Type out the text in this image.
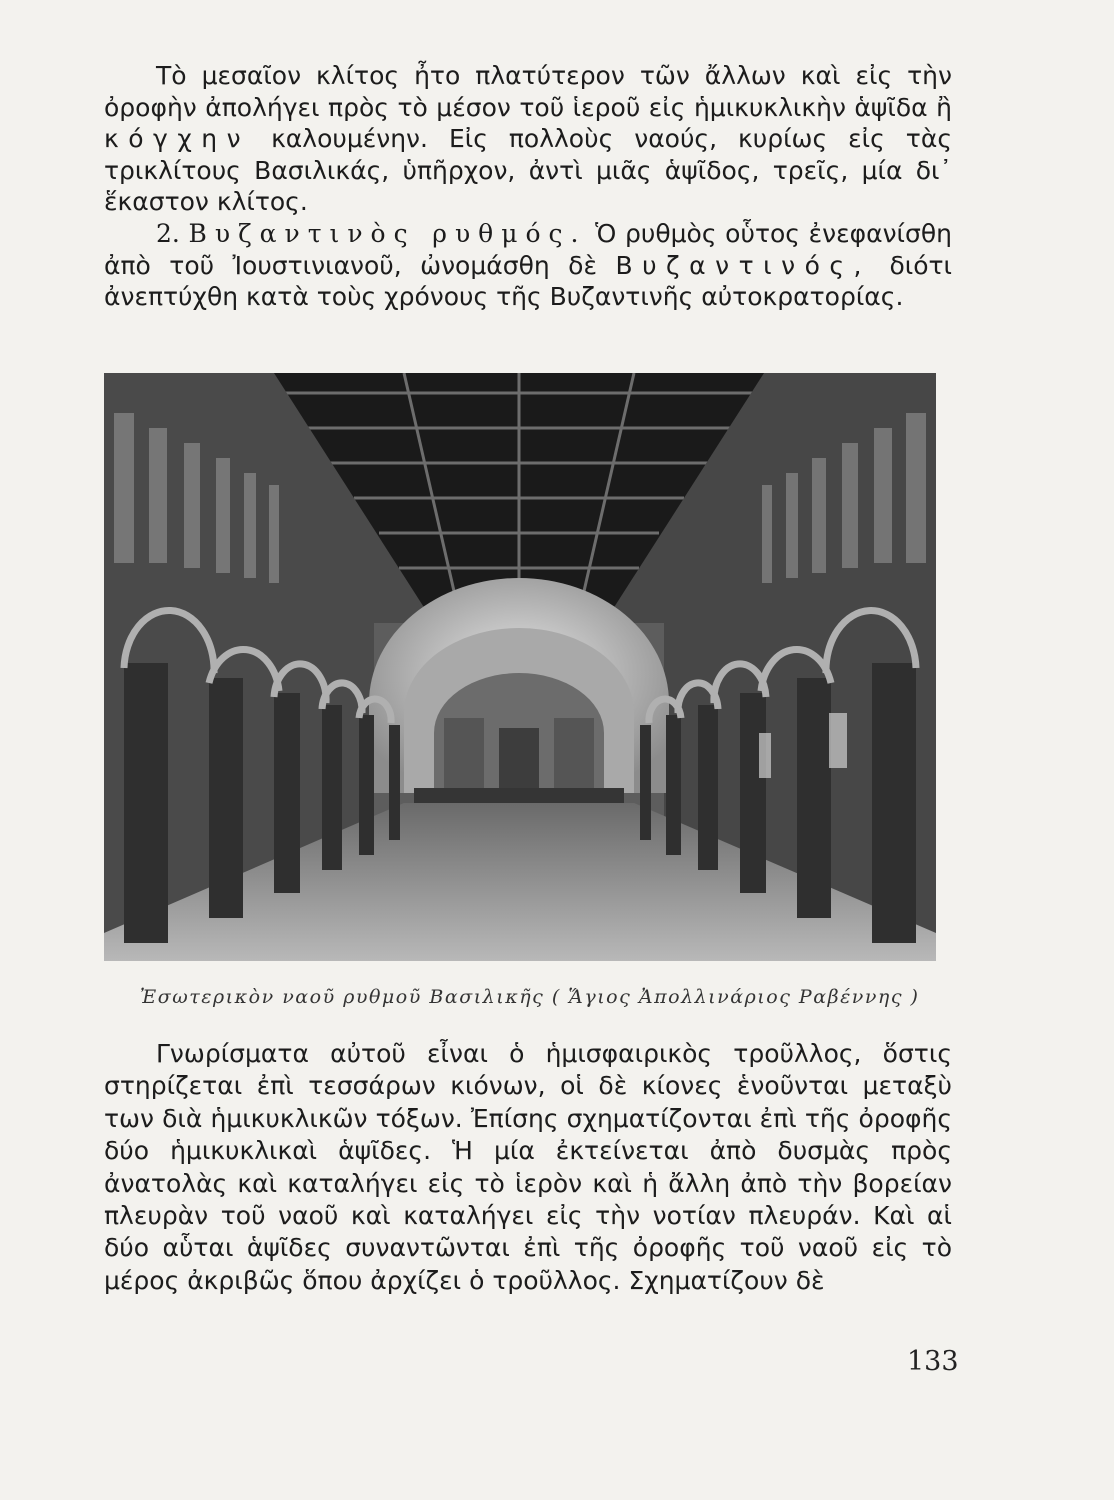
Τὸ μεσαῖον κλίτος ἦτο πλατύτερον τῶν ἄλλων καὶ εἰς τὴν ὀροφὴν ἀπολήγει πρὸς τὸ μέσον τοῦ ἱεροῦ εἰς ἡμικυκλικὴν ἁψῖδα ἢ κόγχην καλουμένην. Εἰς πολλοὺς ναούς, κυρίως εἰς τὰς τρικλίτους Βασιλικάς, ὑπῆρχον, ἀντὶ μιᾶς ἁψῖδος, τρεῖς, μία δι᾽ ἕκαστον κλίτος.

2. Βυζαντινὸς ρυθμός. Ὁ ρυθμὸς οὗτος ἐνεφανίσθη ἀπὸ τοῦ Ἰουστινιανοῦ, ὠνομάσθη δὲ Βυζαντινός, διότι ἀνεπτύχθη κατὰ τοὺς χρόνους τῆς Βυζαντινῆς αὐτοκρατορίας.

Ἐσωτερικὸν ναοῦ ρυθμοῦ Βασιλικῆς ( Ἅγιος Ἀπολλινάριος Ραβέννης )

Γνωρίσματα αὐτοῦ εἶναι ὁ ἡμισφαιρικὸς τροῦλλος, ὅστις στηρίζεται ἐπὶ τεσσάρων κιόνων, οἱ δὲ κίονες ἑνοῦνται μεταξὺ των διὰ ἡμικυκλικῶν τόξων. Ἐπίσης σχηματίζονται ἐπὶ τῆς ὀροφῆς δύο ἡμικυκλικαὶ ἁψῖδες. Ἡ μία ἐκτείνεται ἀπὸ δυσμὰς πρὸς ἀνατολὰς καὶ καταλήγει εἰς τὸ ἱερὸν καὶ ἡ ἄλλη ἀπὸ τὴν βορείαν πλευρὰν τοῦ ναοῦ καὶ καταλήγει εἰς τὴν νοτίαν πλευράν. Καὶ αἱ δύο αὗται ἁψῖδες συναντῶνται ἐπὶ τῆς ὀροφῆς τοῦ ναοῦ εἰς τὸ μέρος ἀκριβῶς ὅπου ἀρχίζει ὁ τροῦλλος. Σχηματίζουν δὲ

133
